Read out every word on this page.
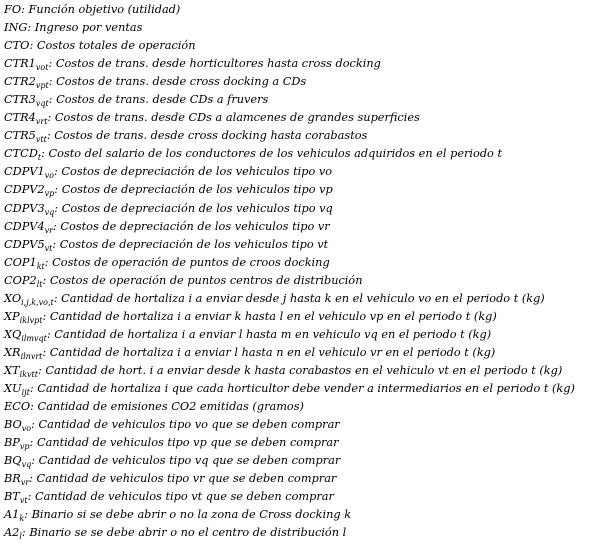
FO: Función objetivo (utilidad)
ING: Ingreso por ventas
CTO: Costos totales de operación
$CTR1_{vot}$: Costos de trans. desde horticultores hasta cross docking
$CTR2_{vpt}$: Costos de trans. desde cross docking a CDs
$CTR3_{vqt}$: Costos de trans. desde CDs a fruvers
$CTR4_{vrt}$: Costos de trans. desde CDs a alamcenes de grandes superficies
$CTR5_{vtt}$: Costos de trans. desde cross docking hasta corabastos
$CTCD_t$: Costo del salario de los conductores de los vehiculos adquiridos en el periodo t
$CDPV1_{vo}$: Costos de depreciación de los vehiculos tipo vo
$CDPV2_{vp}$: Costos de depreciación de los vehiculos tipo vp
$CDPV3_{vq}$: Costos de depreciación de los vehiculos tipo vq
$CDPV4_{vr}$: Costos de depreciación de los vehiculos tipo vr
$CDPV5_{vt}$: Costos de depreciación de los vehiculos tipo vt
$COP1_{kt}$: Costos de operación de puntos de croos docking
$COP2_{lt}$: Costos de operación de puntos centros de distribución
$XO_{i,j,k,vo,t}$: Cantidad de hortaliza i a enviar desde j hasta k en el vehiculo vo en el periodo t (kg)
$XP_{iklvpt}$: Cantidad de hortaliza i a enviar k hasta l en el vehiculo vp en el periodo t (kg)
$XQ_{ilmvqt}$: Cantidad de hortaliza i a enviar l hasta m en vehiculo vq en el periodo t (kg)
$XR_{ilnvrt}$: Cantidad de hortaliza i a enviar l hasta n en el vehiculo vr en el periodo t (kg)
$XT_{ikvtt}$: Cantidad de hort. i a enviar desde k hasta corabastos en el vehiculo vt en el periodo t (kg)
$XU_{ijt}$: Cantidad de hortaliza i que cada horticultor debe vender a intermediarios en el periodo t (kg)
ECO: Cantidad de emisiones CO2 emitidas (gramos)
$BO_{vo}$: Cantidad de vehiculos tipo vo que se deben comprar
$BP_{vp}$: Cantidad de vehiculos tipo vp que se deben comprar
$BQ_{vq}$: Cantidad de vehiculos tipo vq que se deben comprar
$BR_{vr}$: Cantidad de vehiculos tipo vr que se deben comprar
$BT_{vt}$: Cantidad de vehiculos tipo vt que se deben comprar
$A1_k$: Binario si se debe abrir o no la zona de Cross docking k
$A2_l$: Binario se se debe abrir o no el centro de distribución l
